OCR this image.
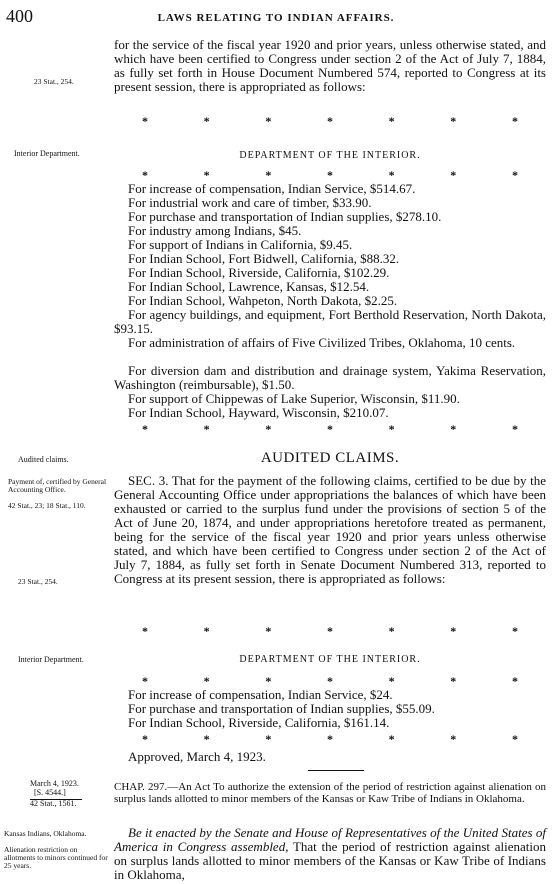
400	LAWS RELATING TO INDIAN AFFAIRS.
for the service of the fiscal year 1920 and prior years, unless otherwise stated, and which have been certified to Congress under section 2 of the Act of July 7, 1884, as fully set forth in House Document Numbered 574, reported to Congress at its present session, there is appropriated as follows:
23 Stat., 254.
*	*	*	*	*	*	*
Interior Department.	DEPARTMENT OF THE INTERIOR.
*	*	*	*	*	*	*
For increase of compensation, Indian Service, $514.67.
For industrial work and care of timber, $33.90.
For purchase and transportation of Indian supplies, $278.10.
For industry among Indians, $45.
For support of Indians in California, $9.45.
For Indian School, Fort Bidwell, California, $88.32.
For Indian School, Riverside, California, $102.29.
For Indian School, Lawrence, Kansas, $12.54.
For Indian School, Wahpeton, North Dakota, $2.25.
For agency buildings, and equipment, Fort Berthold Reservation, North Dakota, $93.15.
For administration of affairs of Five Civilized Tribes, Oklahoma, 10 cents.
For diversion dam and distribution and drainage system, Yakima Reservation, Washington (reimbursable), $1.50.
For support of Chippewas of Lake Superior, Wisconsin, $11.90.
For Indian School, Hayward, Wisconsin, $210.07.
*	*	*	*	*	*	*
Audited claims.	AUDITED CLAIMS.
Payment of, certified by General Accounting Office.
42 Stat., 23; 18 Stat., 110.
SEC. 3. That for the payment of the following claims, certified to be due by the General Accounting Office under appropriations the balances of which have been exhausted or carried to the surplus fund under the provisions of section 5 of the Act of June 20, 1874, and under appropriations heretofore treated as permanent, being for the service of the fiscal year 1920 and prior years unless otherwise stated, and which have been certified to Congress under section 2 of the Act of July 7, 1884, as fully set forth in Senate Document Numbered 313, reported to Congress at its present session, there is appropriated as follows:
23 Stat., 254.
*	*	*	*	*	*	*
Interior Department.	DEPARTMENT OF THE INTERIOR.
*	*	*	*	*	*	*
For increase of compensation, Indian Service, $24.
For purchase and transportation of Indian supplies, $55.09.
For Indian School, Riverside, California, $161.14.
*	*	*	*	*	*	*
Approved, March 4, 1923.
March 4, 1923.
[S. 4544.]
42 Stat., 1561.
CHAP. 297.—An Act To authorize the extension of the period of restriction against alienation on surplus lands allotted to minor members of the Kansas or Kaw Tribe of Indians in Oklahoma.
Kansas Indians, Oklahoma.
Alienation restriction on allotments to minors continued for 25 years.
Be it enacted by the Senate and House of Representatives of the United States of America in Congress assembled, That the period of restriction against alienation on surplus lands allotted to minor members of the Kansas or Kaw Tribe of Indians in Oklahoma,
